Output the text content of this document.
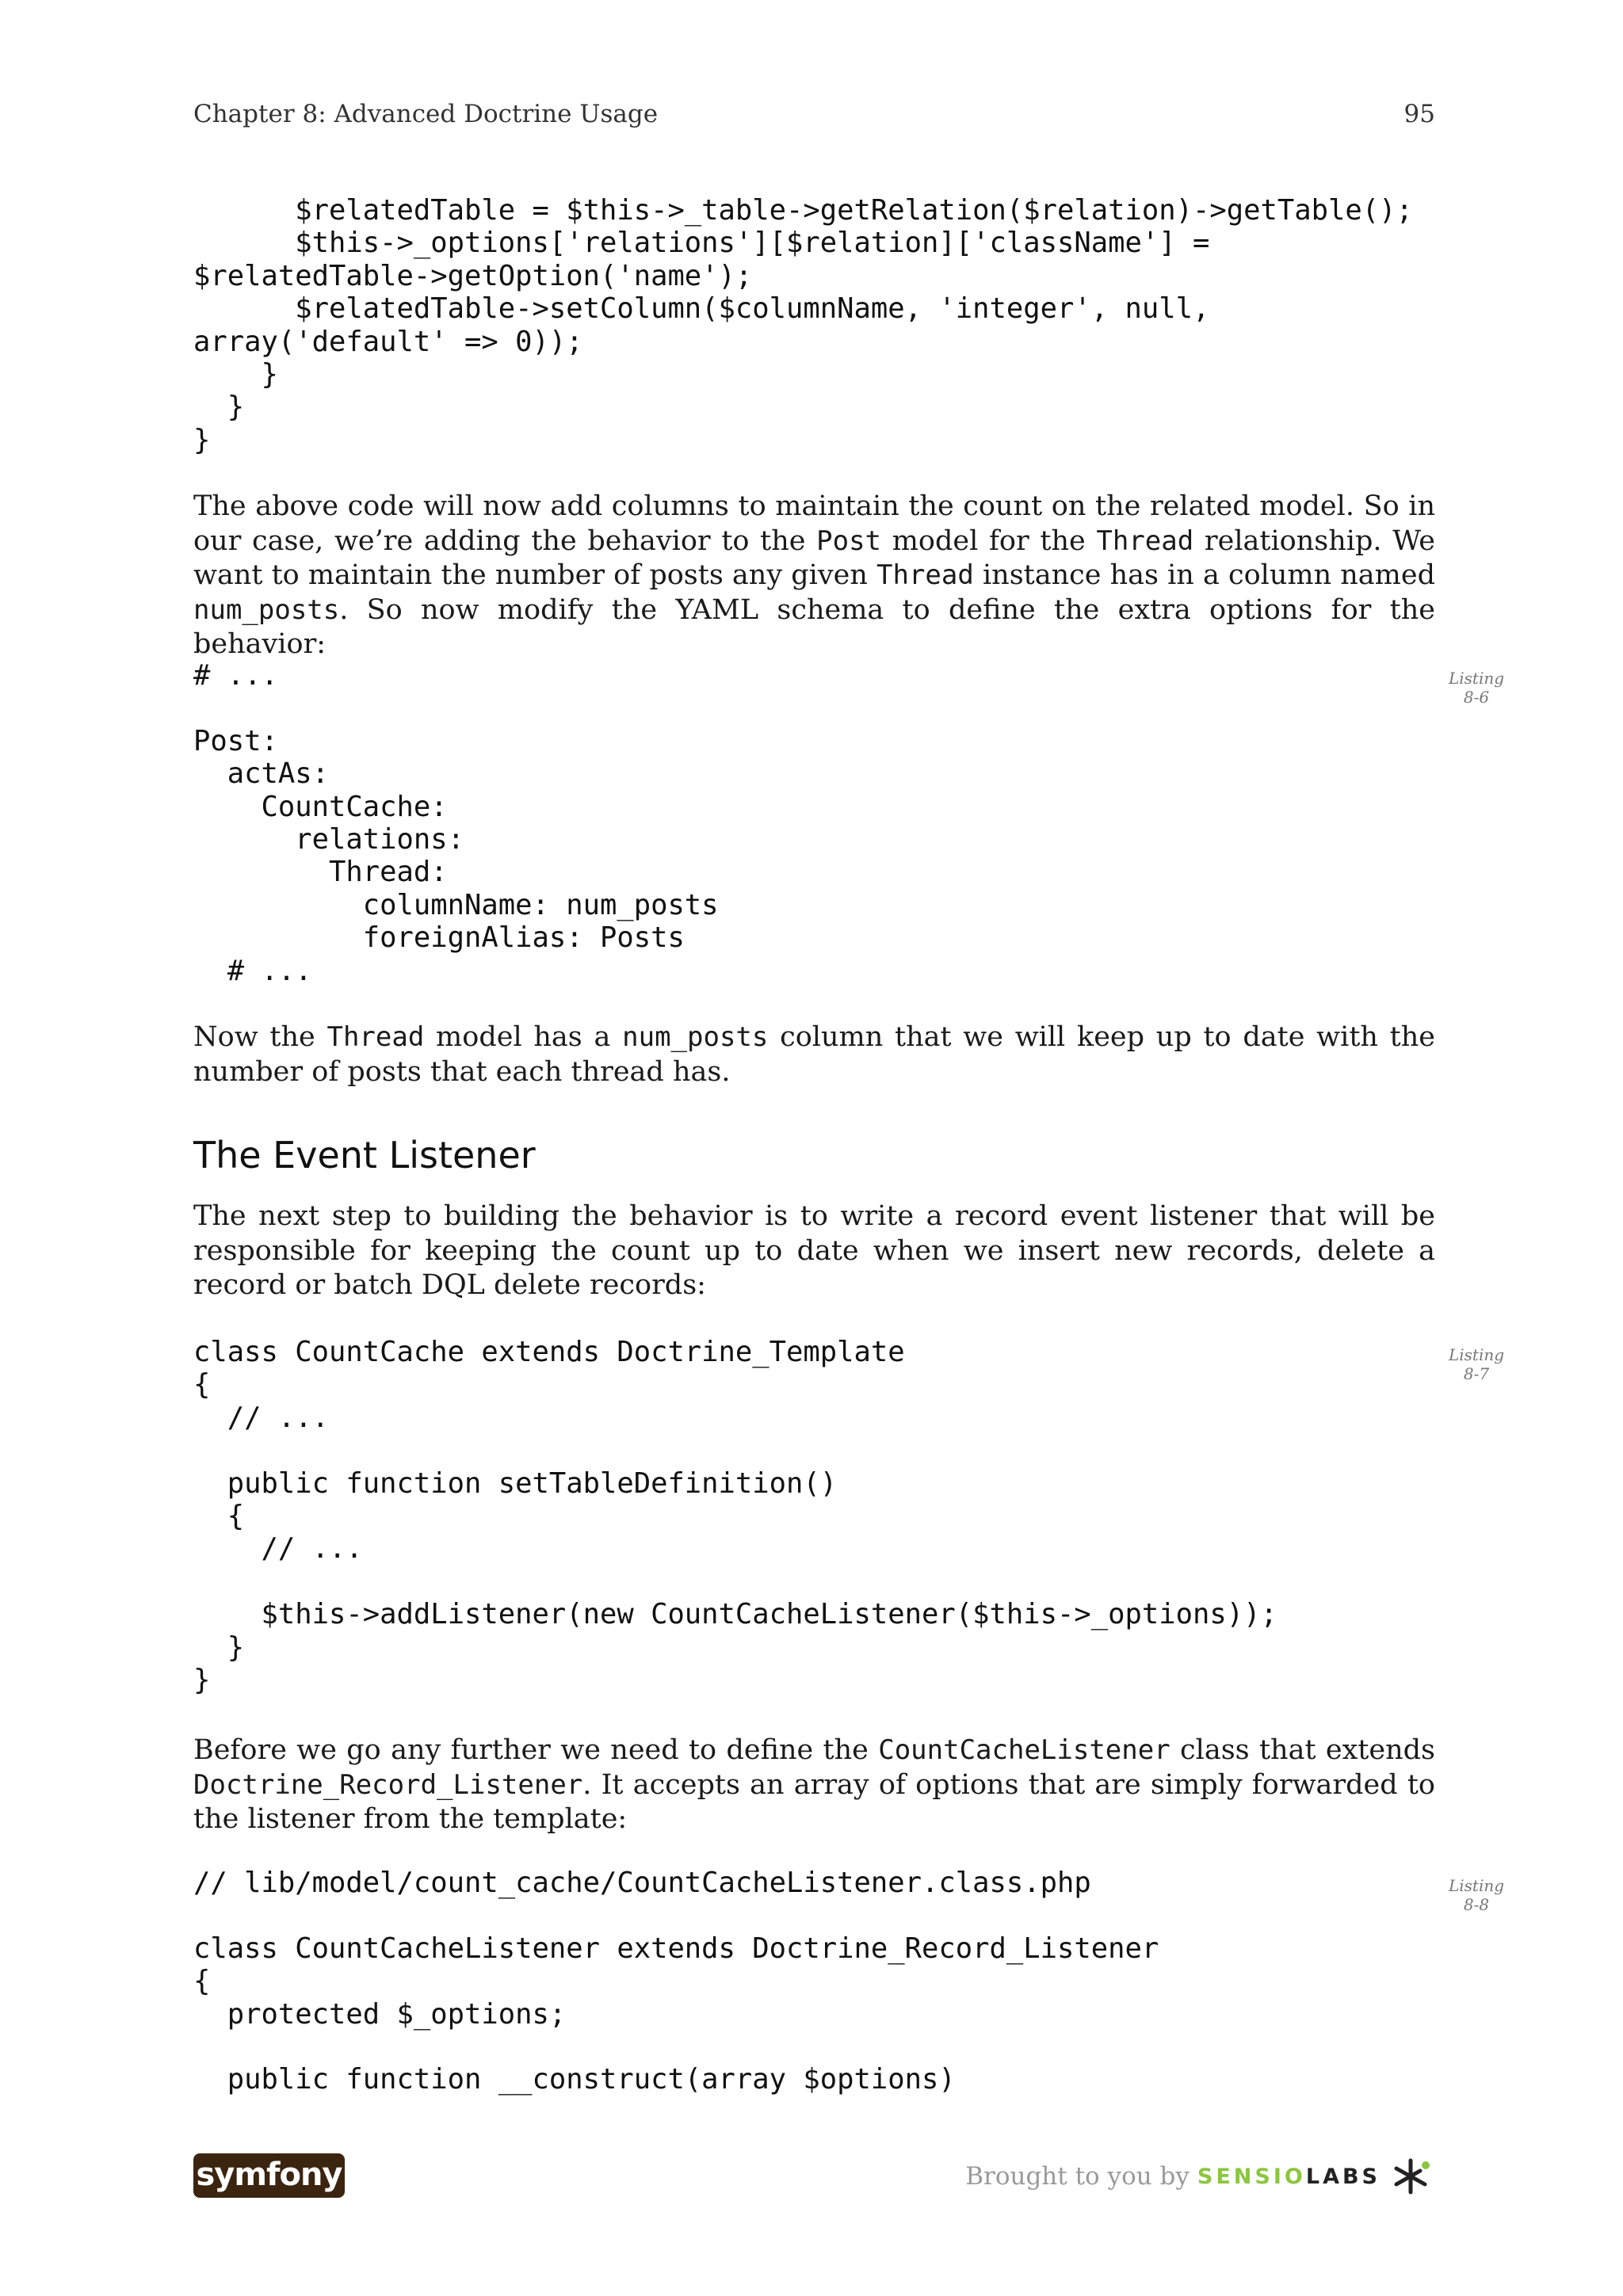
Chapter 8: Advanced Doctrine Usage	95
$relatedTable = $this->_table->getRelation($relation)->getTable();
$this->_options['relations'][$relation]['className'] =
$relatedTable->getOption('name');
$relatedTable->setColumn($columnName, 'integer', null,
array('default' => 0));
}
}
}

The above code will now add columns to maintain the count on the related model. So in our case, we’re adding the behavior to the Post model for the Thread relationship. We want to maintain the number of posts any given Thread instance has in a column named num_posts. So now modify the YAML schema to define the extra options for the behavior:

Listing 8-6
# ...

Post:
actAs:
CountCache:
relations:
Thread:
columnName: num_posts
foreignAlias: Posts
# ...

Now the Thread model has a num_posts column that we will keep up to date with the number of posts that each thread has.

The Event Listener

The next step to building the behavior is to write a record event listener that will be responsible for keeping the count up to date when we insert new records, delete a record or batch DQL delete records:

Listing 8-7
class CountCache extends Doctrine_Template
{
// ...

public function setTableDefinition()
{
// ...

$this->addListener(new CountCacheListener($this->_options));
}
}

Before we go any further we need to define the CountCacheListener class that extends Doctrine_Record_Listener. It accepts an array of options that are simply forwarded to the listener from the template:

Listing 8-8
// lib/model/count_cache/CountCacheListener.class.php

class CountCacheListener extends Doctrine_Record_Listener
{
protected $_options;

public function __construct(array $options)
symfony	Brought to you by SENSIOLABS
